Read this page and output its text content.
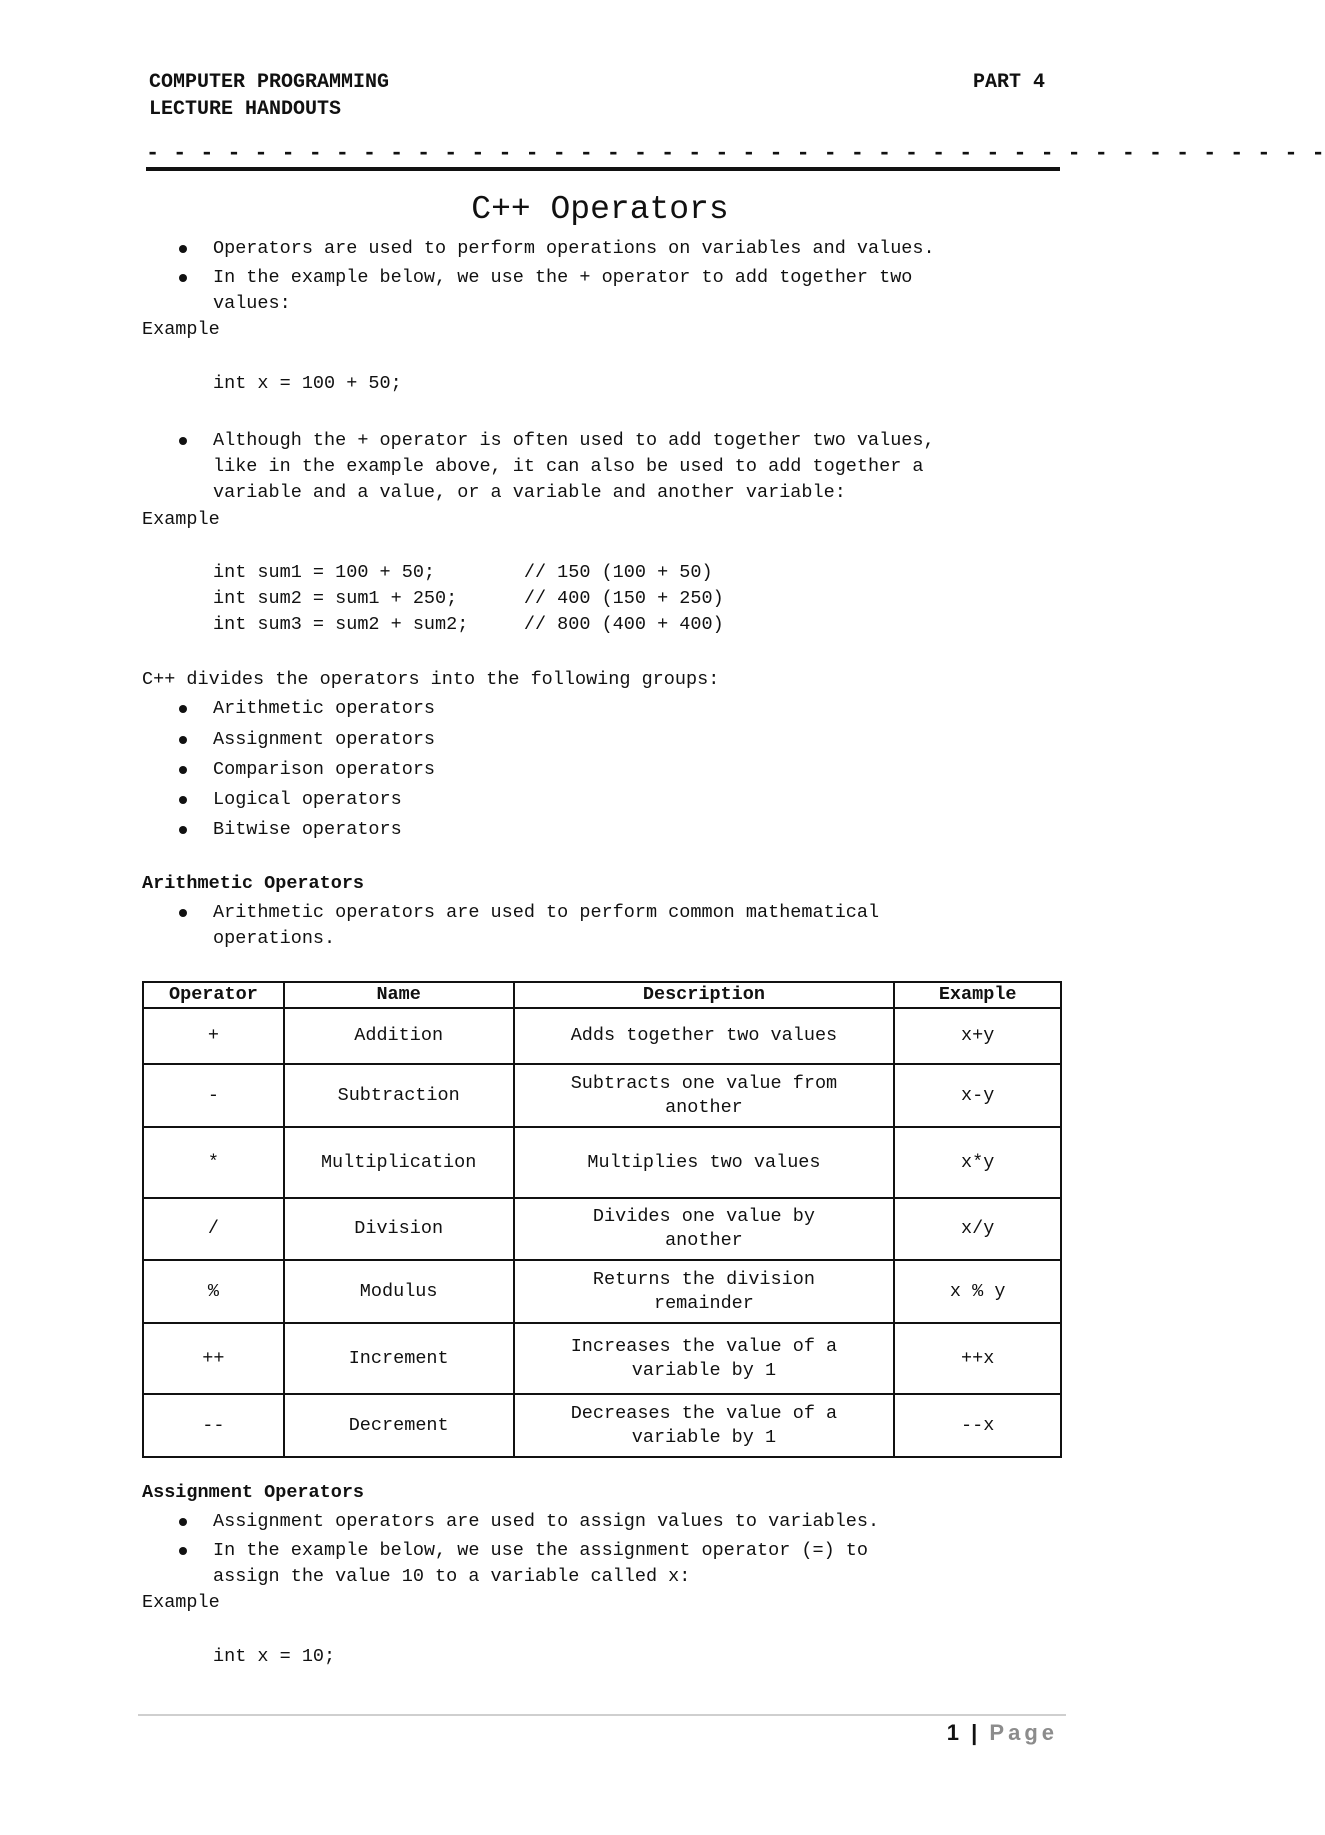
COMPUTER PROGRAMMING
LECTURE HANDOUTS
PART 4
- - - - - - - - - - - - - - - - - - - - - - - - - - - - - - - - - - - - - - - - - - - -
C++ Operators
Operators are used to perform operations on variables and values.
In the example below, we use the + operator to add together two
values:
Example
int x = 100 + 50;
Although the + operator is often used to add together two values,
like in the example above, it can also be used to add together a
variable and a value, or a variable and another variable:
Example
int sum1 = 100 + 50;        // 150 (100 + 50)
int sum2 = sum1 + 250;      // 400 (150 + 250)
int sum3 = sum2 + sum2;     // 800 (400 + 400)
C++ divides the operators into the following groups:
Arithmetic operators
Assignment operators
Comparison operators
Logical operators
Bitwise operators
Arithmetic Operators
Arithmetic operators are used to perform common mathematical
operations.
Operator	Name	Description	Example
+	Addition	Adds together two values	x+y
-	Subtraction	Subtracts one value from
another	x-y
*	Multiplication	Multiplies two values	x*y
/	Division	Divides one value by
another	x/y
%	Modulus	Returns the division
remainder	x % y
++	Increment	Increases the value of a
variable by 1	++x
--	Decrement	Decreases the value of a
variable by 1	--x
Assignment Operators
Assignment operators are used to assign values to variables.
In the example below, we use the assignment operator (=) to
assign the value 10 to a variable called x:
Example
int x = 10;
1 | Page
